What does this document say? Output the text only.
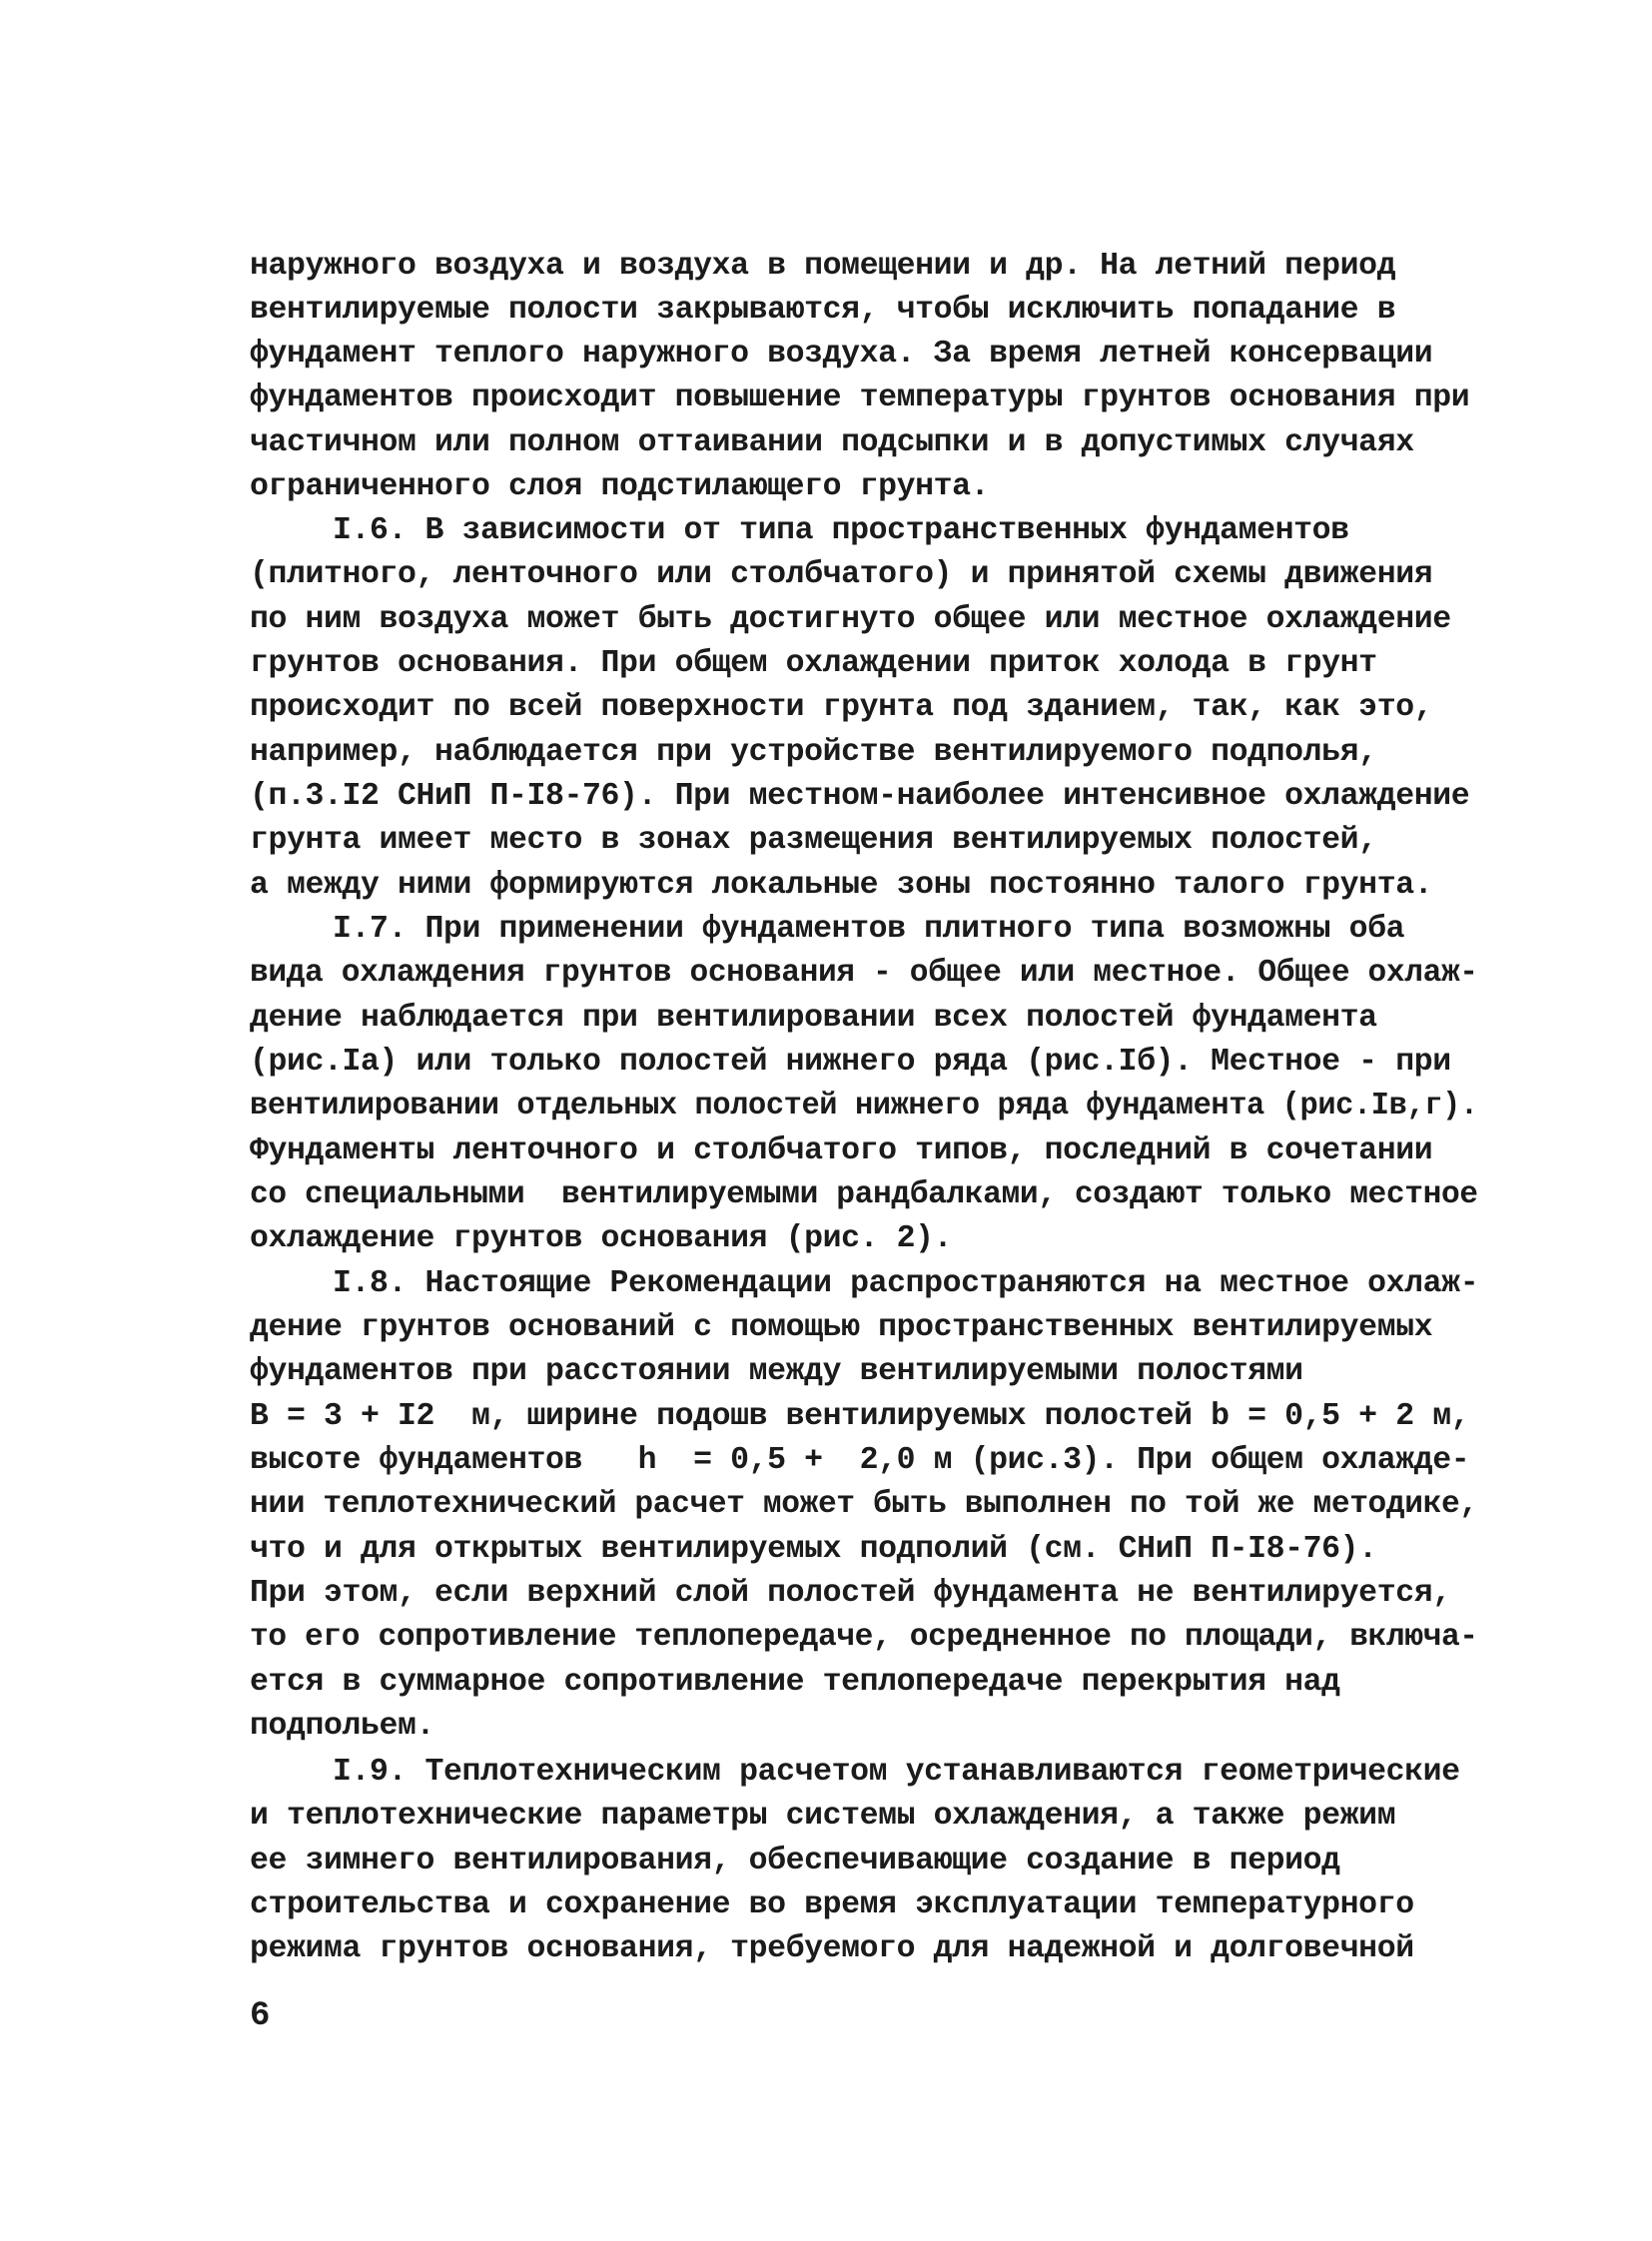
наружного воздуха и воздуха в помещении и др. На летний период
вентилируемые полости закрываются, чтобы исключить попадание в
фундамент теплого наружного воздуха. За время летней консервации
фундаментов происходит повышение температуры грунтов основания при
частичном или полном оттаивании подсыпки и в допустимых случаях
ограниченного слоя подстилающего грунта.
I.6. В зависимости от типа пространственных фундаментов
(плитного, ленточного или столбчатого) и принятой схемы движения
по ним воздуха может быть достигнуто общее или местное охлаждение
грунтов основания. При общем охлаждении приток холода в грунт
происходит по всей поверхности грунта под зданием, так, как это,
например, наблюдается при устройстве вентилируемого подполья,
(п.3.I2 СНиП П-I8-76). При местном-наиболее интенсивное охлаждение
грунта имеет место в зонах размещения вентилируемых полостей,
а между ними формируются локальные зоны постоянно талого грунта.
I.7. При применении фундаментов плитного типа возможны оба
вида охлаждения грунтов основания - общее или местное. Общее охлаж-
дение наблюдается при вентилировании всех полостей фундамента
(рис.Iа) или только полостей нижнего ряда (рис.Iб). Местное - при
вентилировании отдельных полостей нижнего ряда фундамента (рис.Iв,г).
Фундаменты ленточного и столбчатого типов, последний в сочетании
со специальными  вентилируемыми рандбалками, создают только местное
охлаждение грунтов основания (рис. 2).
I.8. Настоящие Рекомендации распространяются на местное охлаж-
дение грунтов оснований с помощью пространственных вентилируемых
фундаментов при расстоянии между вентилируемыми полостями
B = 3 + I2  м, ширине подошв вентилируемых полостей b = 0,5 + 2 м,
высоте фундаментов   h  = 0,5 +  2,0 м (рис.3). При общем охлажде-
нии теплотехнический расчет может быть выполнен по той же методике,
что и для открытых вентилируемых подполий (см. СНиП П-I8-76).
При этом, если верхний слой полостей фундамента не вентилируется,
то его сопротивление теплопередаче, осредненное по площади, включа-
ется в суммарное сопротивление теплопередаче перекрытия над
подпольем.
I.9. Теплотехническим расчетом устанавливаются геометрические
и теплотехнические параметры системы охлаждения, а также режим
ее зимнего вентилирования, обеспечивающие создание в период
строительства и сохранение во время эксплуатации температурного
режима грунтов основания, требуемого для надежной и долговечной
6
